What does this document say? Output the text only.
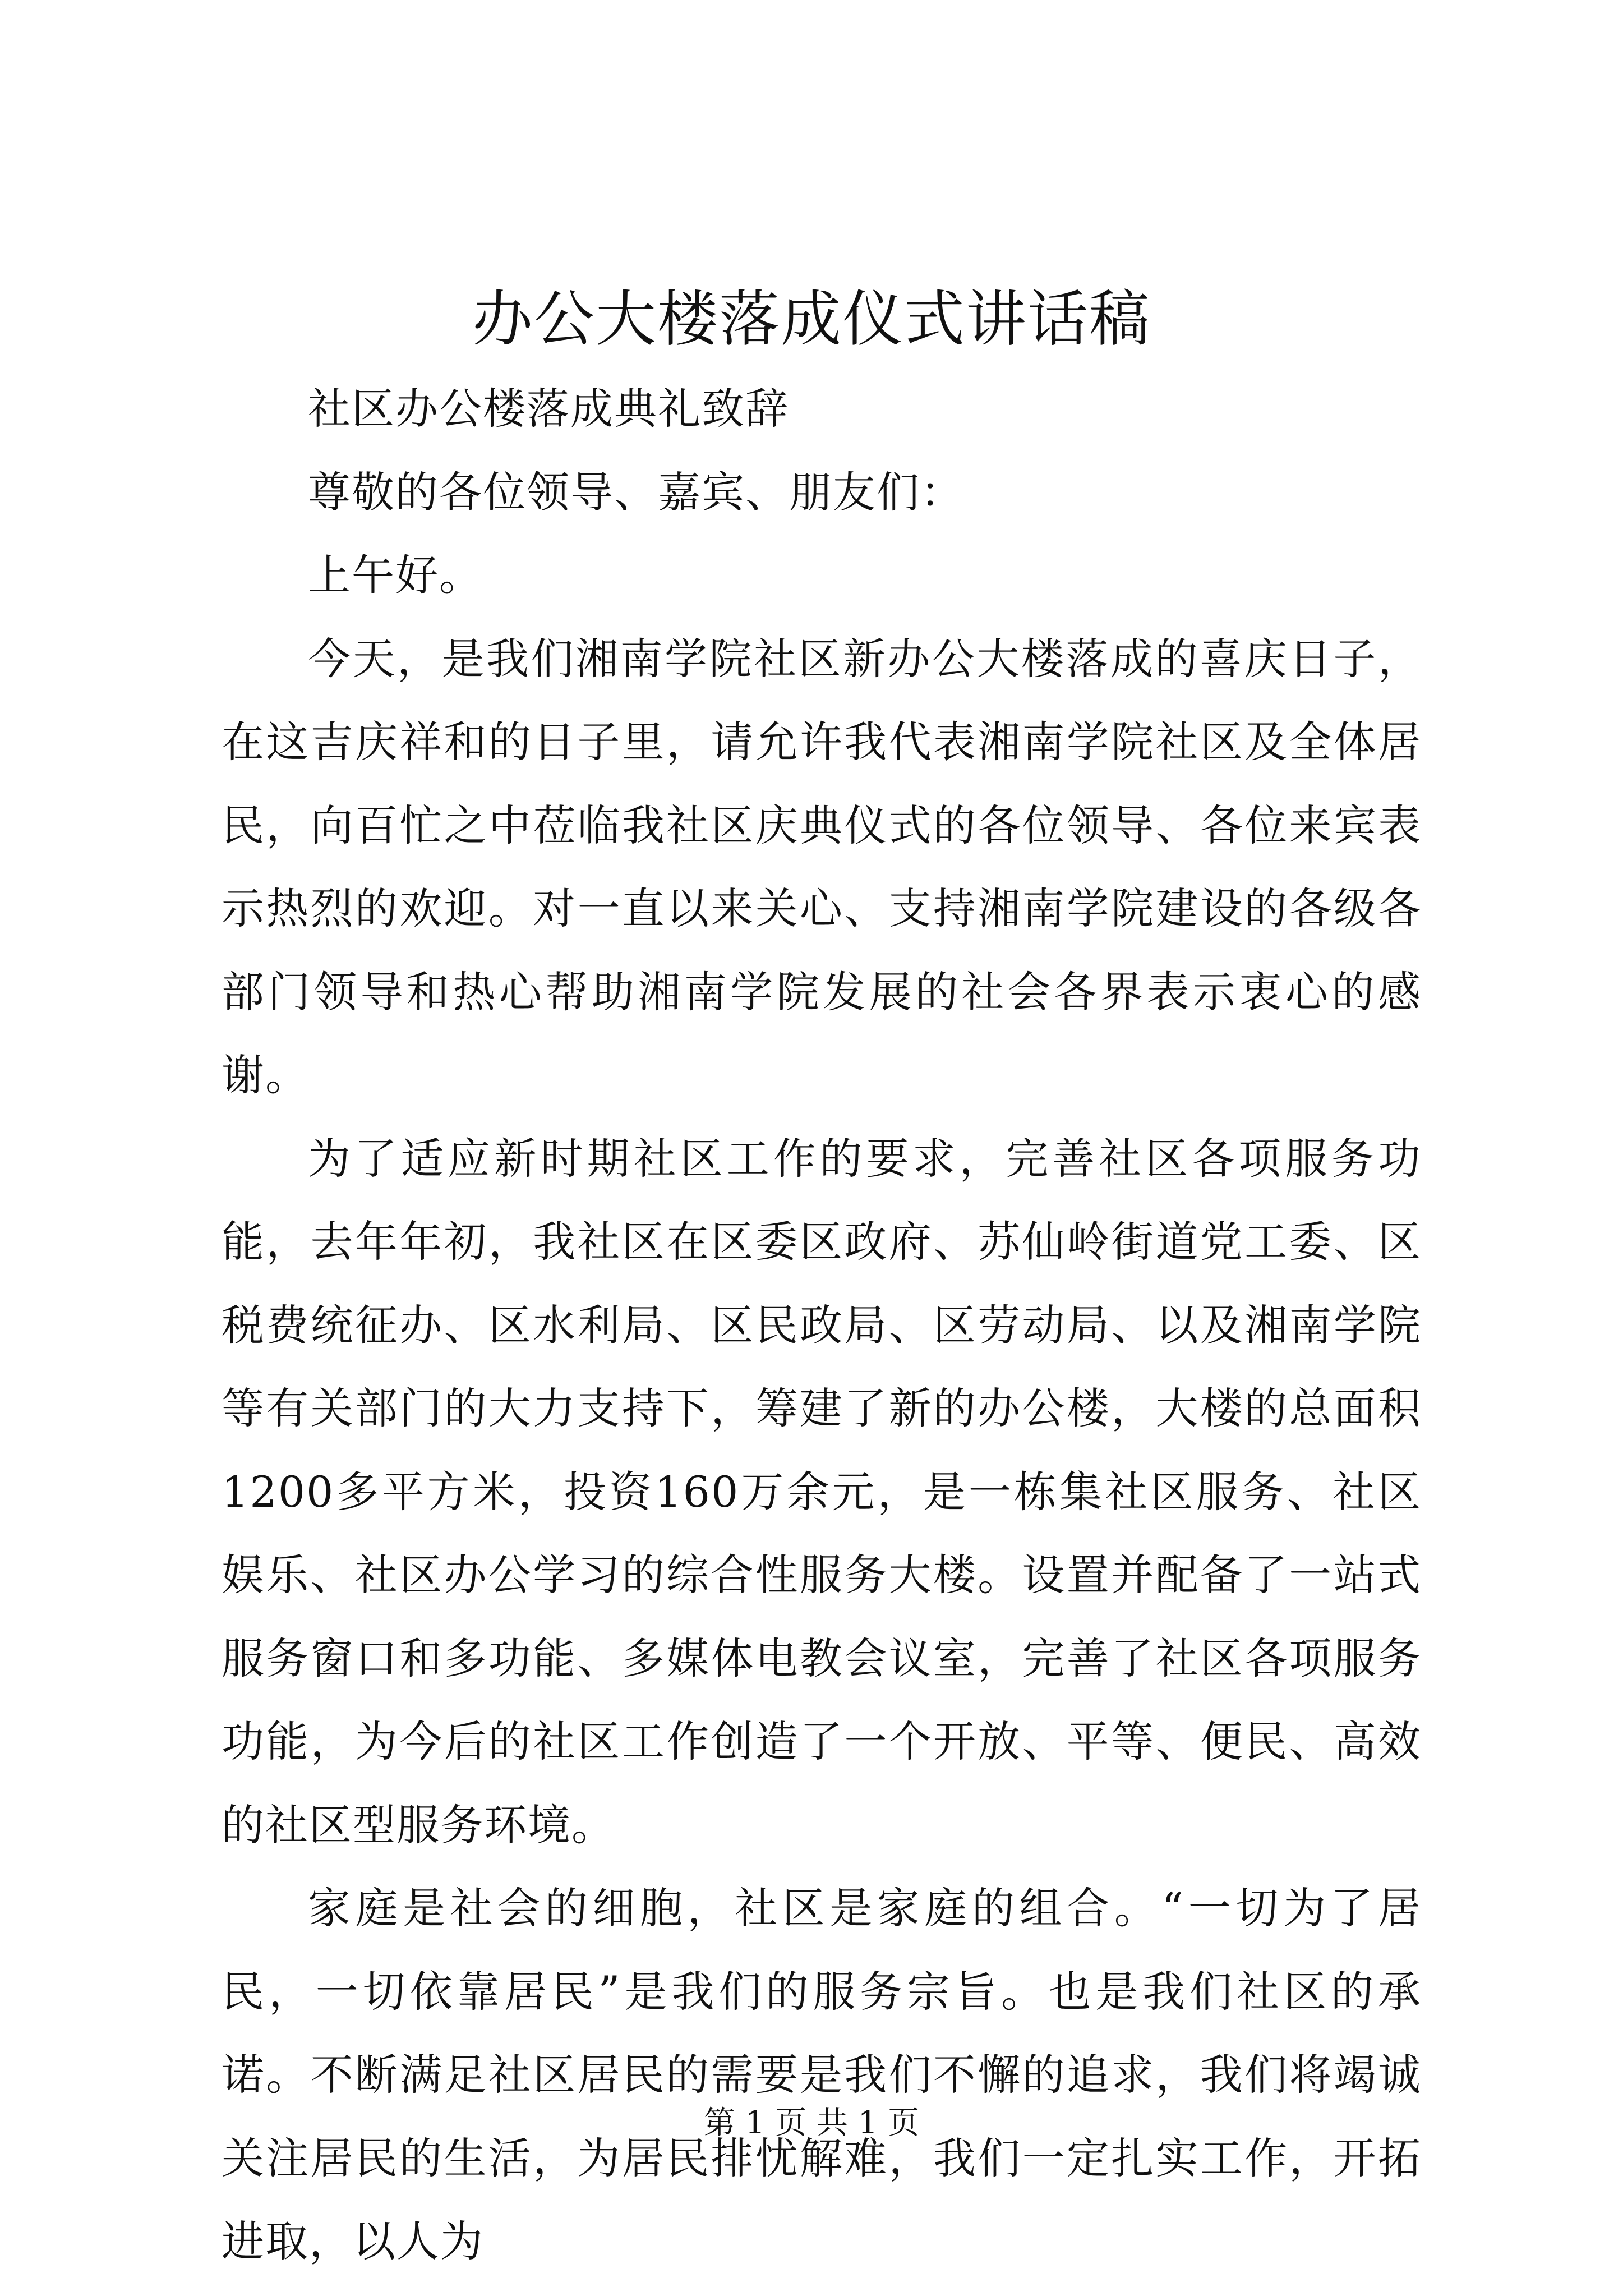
办公大楼落成仪式讲话稿

社区办公楼落成典礼致辞

尊敬的各位领导、嘉宾、朋友们：

上午好。

今天，是我们湘南学院社区新办公大楼落成的喜庆日子，在这吉庆祥和的日子里，请允许我代表湘南学院社区及全体居民，向百忙之中莅临我社区庆典仪式的各位领导、各位来宾表示热烈的欢迎。对一直以来关心、支持湘南学院建设的各级各部门领导和热心帮助湘南学院发展的社会各界表示衷心的感谢。

为了适应新时期社区工作的要求，完善社区各项服务功能，去年年初，我社区在区委区政府、苏仙岭街道党工委、区税费统征办、区水利局、区民政局、区劳动局、以及湘南学院等有关部门的大力支持下，筹建了新的办公楼，大楼的总面积1200多平方米，投资160万余元，是一栋集社区服务、社区娱乐、社区办公学习的综合性服务大楼。设置并配备了一站式服务窗口和多功能、多媒体电教会议室，完善了社区各项服务功能，为今后的社区工作创造了一个开放、平等、便民、高效的社区型服务环境。

家庭是社会的细胞，社区是家庭的组合。“一切为了居民，一切依靠居民”是我们的服务宗旨。也是我们社区的承诺。不断满足社区居民的需要是我们不懈的追求，我们将竭诚关注居民的生活，为居民排忧解难，我们一定扎实工作，开拓进取，以人为

第 1 页 共 1 页
